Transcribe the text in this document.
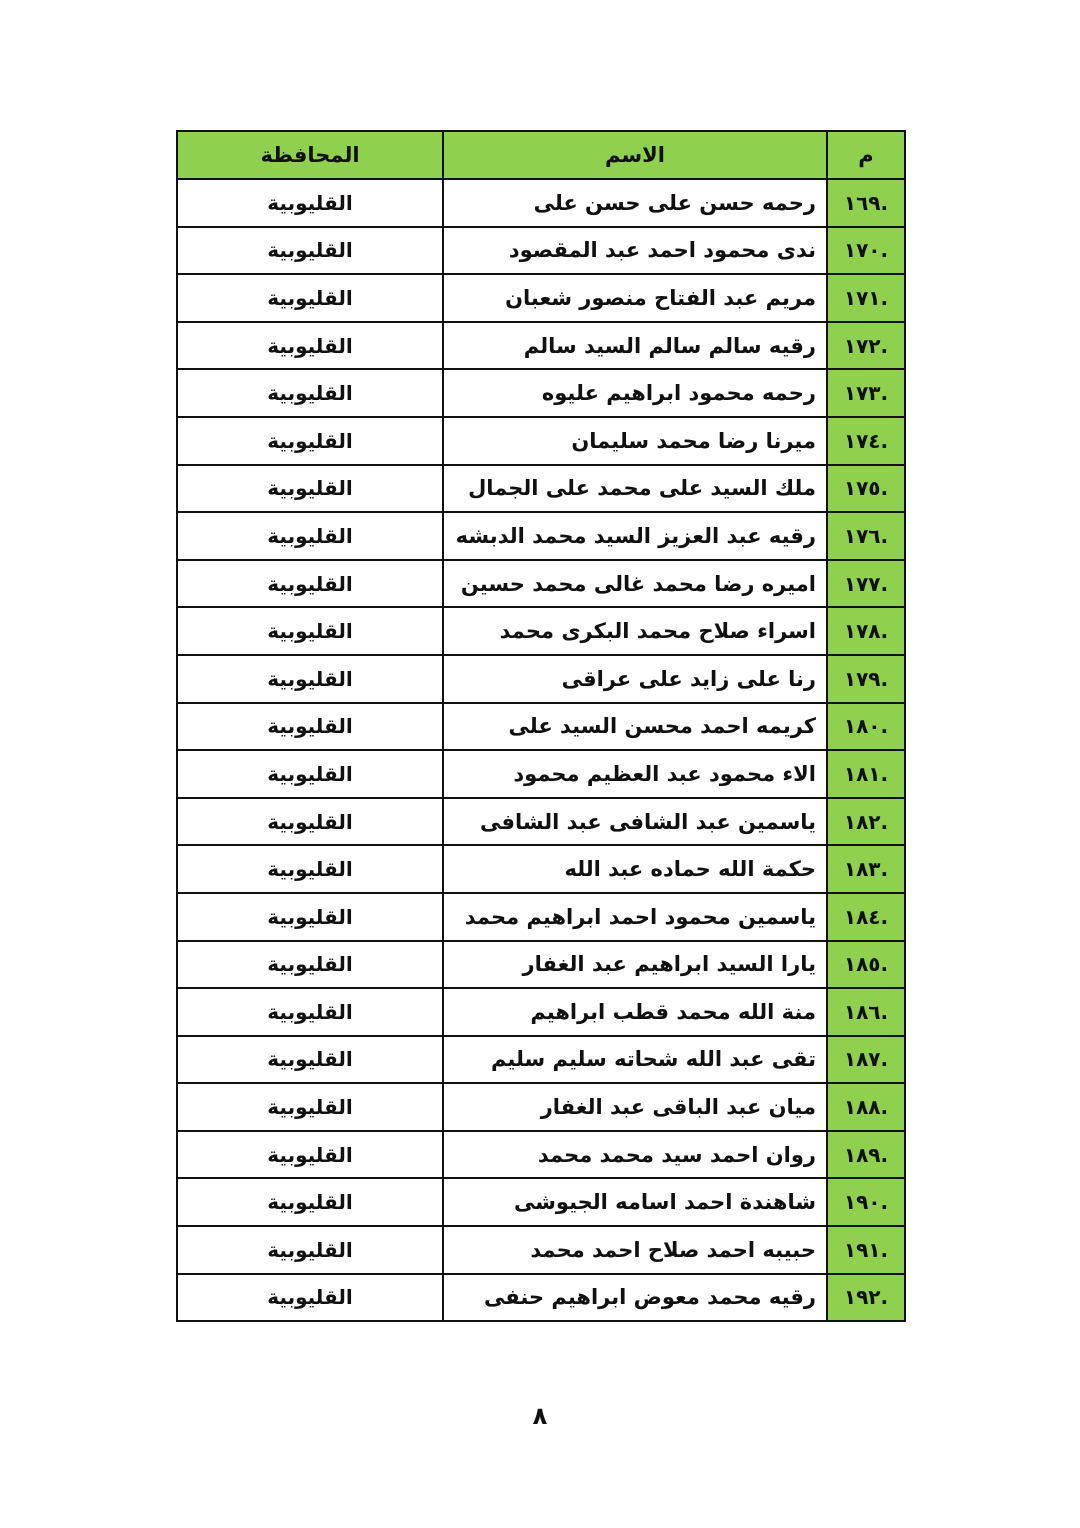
م	الاسم	المحافظة
.١٦٩	رحمه حسن على حسن على	القليوبية
.١٧٠	ندى محمود احمد عبد المقصود	القليوبية
.١٧١	مريم عبد الفتاح منصور شعبان	القليوبية
.١٧٢	رقيه سالم سالم السيد سالم	القليوبية
.١٧٣	رحمه محمود ابراهيم عليوه	القليوبية
.١٧٤	ميرنا رضا محمد سليمان	القليوبية
.١٧٥	ملك السيد على محمد على الجمال	القليوبية
.١٧٦	رقيه عبد العزيز السيد محمد الدبشه	القليوبية
.١٧٧	اميره رضا محمد غالى محمد حسين	القليوبية
.١٧٨	اسراء صلاح محمد البكرى محمد	القليوبية
.١٧٩	رنا على زايد على عراقى	القليوبية
.١٨٠	كريمه احمد محسن السيد على	القليوبية
.١٨١	الاء محمود عبد العظيم محمود	القليوبية
.١٨٢	ياسمين عبد الشافى عبد الشافى	القليوبية
.١٨٣	حكمة الله حماده عبد الله	القليوبية
.١٨٤	ياسمين محمود احمد ابراهيم محمد	القليوبية
.١٨٥	يارا السيد ابراهيم عبد الغفار	القليوبية
.١٨٦	منة الله محمد قطب ابراهيم	القليوبية
.١٨٧	تقى عبد الله شحاته سليم سليم	القليوبية
.١٨٨	ميان عبد الباقى عبد الغفار	القليوبية
.١٨٩	روان احمد سيد محمد محمد	القليوبية
.١٩٠	شاهندة احمد اسامه الجيوشى	القليوبية
.١٩١	حبيبه احمد صلاح احمد محمد	القليوبية
.١٩٢	رقيه محمد معوض ابراهيم حنفى	القليوبية
٨
